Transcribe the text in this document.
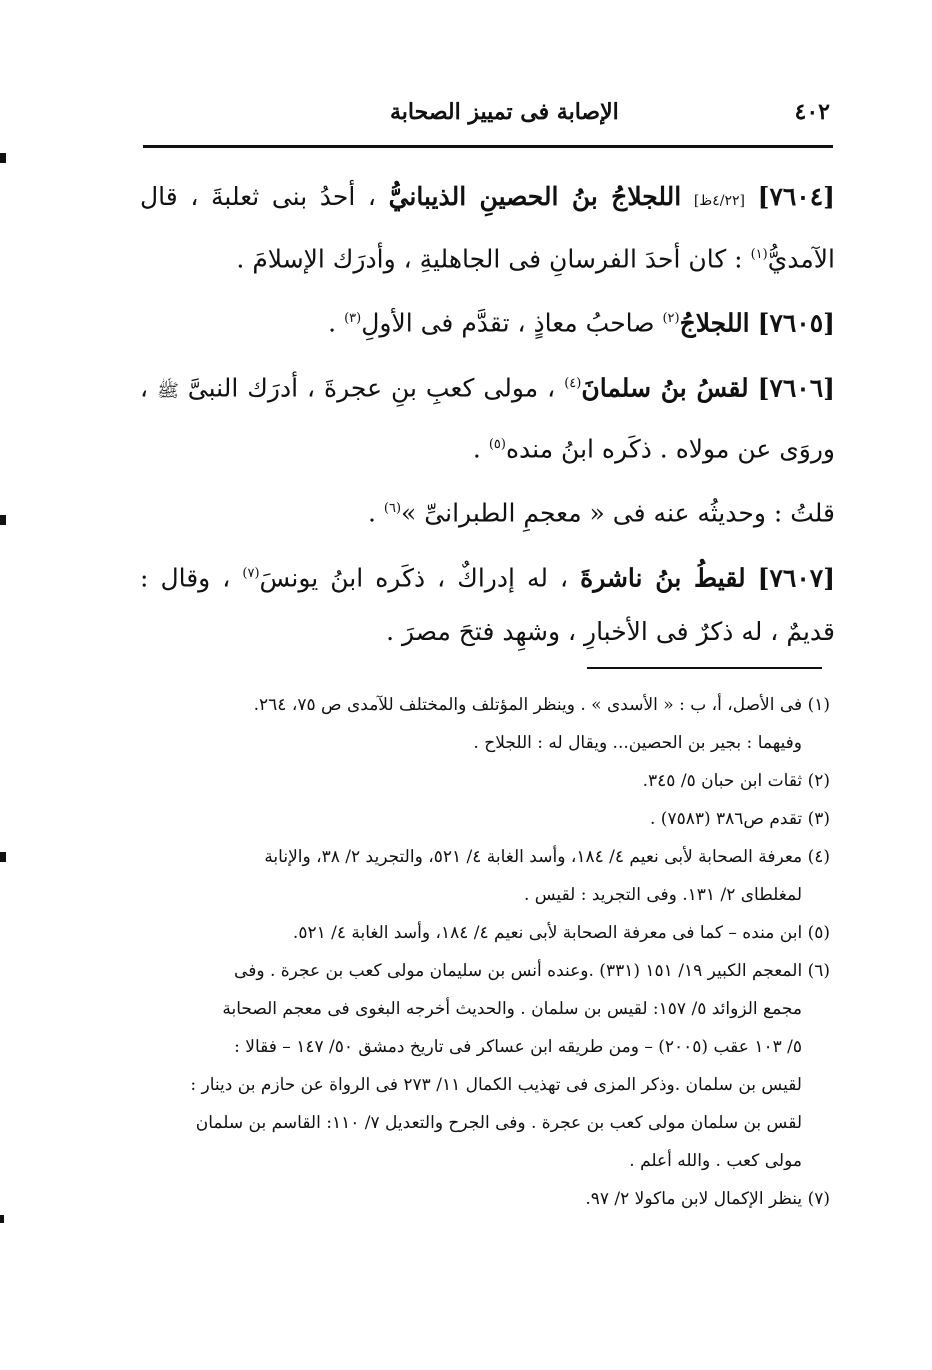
٤٠٢
الإصابة فى تمييز الصحابة

[٧٦٠٤] [٤/٢٢ظ] اللجلاجُ بنُ الحصينِ الذيبانيُّ ، أحدُ بنى ثعلبةَ ، قال الآمديُّ$^{(١)}$ : كان أحدَ الفرسانِ فى الجاهليةِ ، وأدرَك الإسلامَ .

[٧٦٠٥] اللجلاجُ$^{(٢)}$ صاحبُ معاذٍ ، تقدَّم فى الأولِ$^{(٣)}$ .

[٧٦٠٦] لقسُ بنُ سلمانَ$^{(٤)}$ ، مولى كعبِ بنِ عجرةَ ، أدرَك النبىَّ ﷺ ، وروَى عن مولاه . ذكَره ابنُ منده$^{(٥)}$ .

قلتُ : وحديثُه عنه فى « معجمِ الطبرانىِّ »$^{(٦)}$ .

[٧٦٠٧] لقيطُ بنُ ناشرةَ ، له إدراكٌ ، ذكَره ابنُ يونسَ$^{(٧)}$ ، وقال : قديمٌ ، له ذكرٌ فى الأخبارِ ، وشهِد فتحَ مصرَ .

(١) فى الأصل، أ، ب : « الأسدى » . وينظر المؤتلف والمختلف للآمدى ص ٧٥، ٢٦٤.

وفيهما : بجير بن الحصين... ويقال له : اللجلاح .

(٢) ثقات ابن حبان ٥/ ٣٤٥.

(٣) تقدم ص٣٨٦ (٧٥٨٣) .

(٤) معرفة الصحابة لأبى نعيم ٤/ ١٨٤، وأسد الغابة ٤/ ٥٢١، والتجريد ٢/ ٣٨، والإنابة

لمغلطاى ٢/ ١٣١. وفى التجريد : لقيس .

(٥) ابن منده – كما فى معرفة الصحابة لأبى نعيم ٤/ ١٨٤، وأسد الغابة ٤/ ٥٢١.

(٦) المعجم الكبير ١٩/ ١٥١ (٣٣١) .وعنده أنس بن سليمان مولى كعب بن عجرة . وفى

مجمع الزوائد ٥/ ١٥٧: لقيس بن سلمان . والحديث أخرجه البغوى فى معجم الصحابة

٥/ ١٠٣ عقب (٢٠٠٥) – ومن طريقه ابن عساكر فى تاريخ دمشق ٥٠/ ١٤٧ – فقالا :

لقيس بن سلمان .وذكر المزى فى تهذيب الكمال ١١/ ٢٧٣ فى الرواة عن حازم بن دينار :

لقس بن سلمان مولى كعب بن عجرة . وفى الجرح والتعديل ٧/ ١١٠: القاسم بن سلمان

مولى كعب . والله أعلم .

(٧) ينظر الإكمال لابن ماكولا ٢/ ٩٧.
